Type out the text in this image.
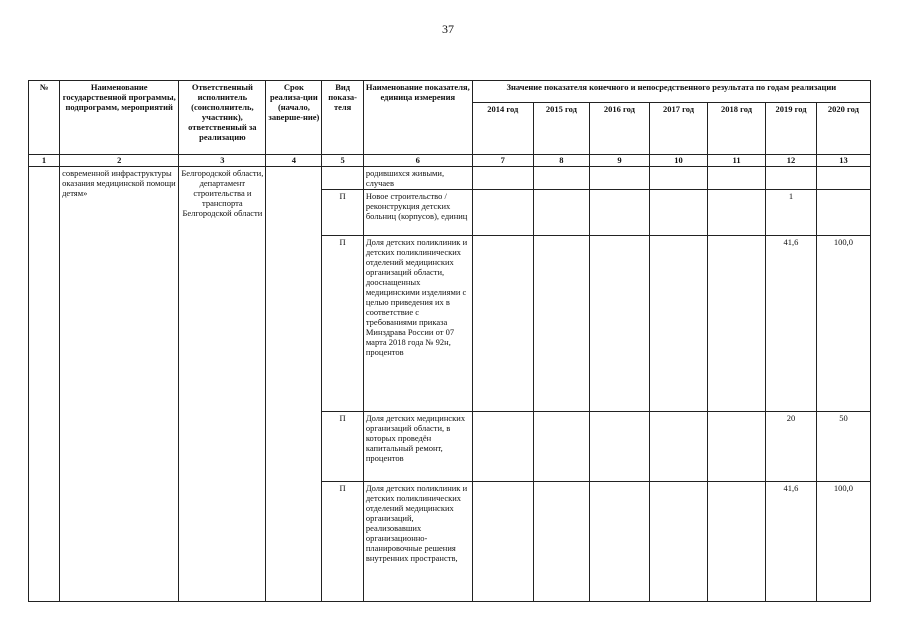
37
№	Наименование государственной программы, подпрограмм, мероприятий	Ответственный исполнитель (соисполнитель, участник), ответственный за реализацию	Срок реализа-ции (начало, заверше-ние)	Вид показа-теля	Наименование показателя, единица измерения	Значение показателя конечного и непосредственного результата по годам реализации						
						2014 год	2015 год	2016 год	2017 год	2018 год	2019 год	2020 год
1	2	3	4	5	6	7	8	9	10	11	12	13
	современной инфраструктуры оказания медицинской помощи детям»	Белгородской области, департамент строительства и транспорта Белгородской области			родившихся живыми, случаев							
				П	Новое строительство / реконструкция детских больниц (корпусов), единиц						1	
				П	Доля детских поликлиник и детских поликлинических отделений медицинских организаций области, дооснащенных медицинскими изделиями с целью приведения их в соответствие с требованиями приказа Минздрава России от 07 марта 2018 года № 92н, процентов						41,6	100,0
				П	Доля детских медицинских организаций области, в которых проведён капитальный ремонт, процентов						20	50
				П	Доля детских поликлиник и детских поликлинических отделений медицинских организаций, реализовавших организационно-планировочные решения внутренних пространств,						41,6	100,0
